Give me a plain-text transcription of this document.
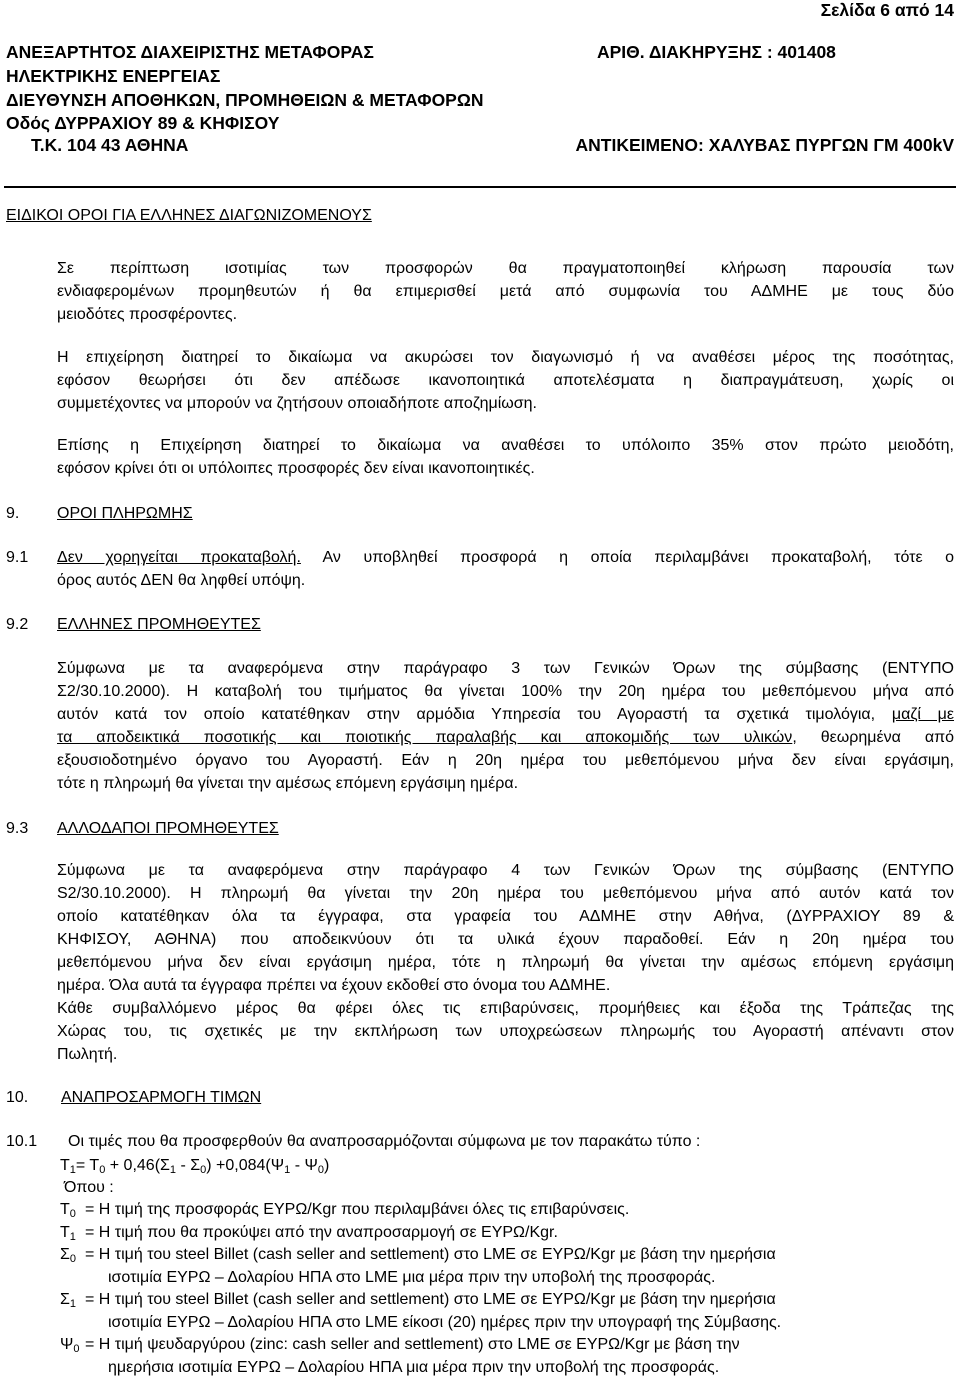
Σελίδα 6 από 14
ΑΝΕΞΑΡΤΗΤΟΣ ΔΙΑΧΕΙΡΙΣΤΗΣ ΜΕΤΑΦΟΡΑΣ	ΑΡΙΘ. ΔΙΑΚΗΡΥΞΗΣ : 401408
ΗΛΕΚΤΡΙΚΗΣ ΕΝΕΡΓΕΙΑΣ
ΔΙΕΥΘΥΝΣΗ ΑΠΟΘΗΚΩΝ, ΠΡΟΜΗΘΕΙΩΝ & ΜΕΤΑΦΟΡΩΝ
Οδός ΔΥΡΡΑΧΙΟΥ 89 & ΚΗΦΙΣΟΥ
Τ.Κ. 104 43 ΑΘΗΝΑ	ΑΝΤΙΚΕΙΜΕΝΟ: ΧΑΛΥΒΑΣ ΠΥΡΓΩΝ ΓΜ 400kV
ΕΙΔΙΚΟΙ ΟΡΟΙ ΓΙΑ ΕΛΛΗΝΕΣ ΔΙΑΓΩΝΙΖΟΜΕΝΟΥΣ
Σε περίπτωση ισοτιμίας των προσφορών θα πραγματοποιηθεί κλήρωση παρουσία των
ενδιαφερομένων προμηθευτών ή θα επιμερισθεί μετά από συμφωνία του ΑΔΜΗΕ με τους δύο
μειοδότες προσφέροντες.
Η επιχείρηση διατηρεί το δικαίωμα να ακυρώσει τον διαγωνισμό ή να αναθέσει μέρος της ποσότητας,
εφόσον θεωρήσει ότι δεν απέδωσε ικανοποιητικά αποτελέσματα η διαπραγμάτευση, χωρίς οι
συμμετέχοντες να μπορούν να ζητήσουν οποιαδήποτε αποζημίωση.
Επίσης η Επιχείρηση διατηρεί το δικαίωμα να αναθέσει το υπόλοιπο 35% στον πρώτο μειοδότη,
εφόσον κρίνει ότι οι υπόλοιπες προσφορές δεν είναι ικανοποιητικές.
9. ΟΡΟΙ ΠΛΗΡΩΜΗΣ
9.1 Δεν χορηγείται προκαταβολή. Αν υποβληθεί προσφορά η οποία περιλαμβάνει προκαταβολή, τότε ο
όρος αυτός ΔΕΝ θα ληφθεί υπόψη.
9.2 ΕΛΛΗΝΕΣ ΠΡΟΜΗΘΕΥΤΕΣ
Σύμφωνα με τα αναφερόμενα στην παράγραφο 3 των Γενικών Όρων της σύμβασης (ΕΝΤΥΠΟ
Σ2/30.10.2000). Η καταβολή του τιμήματος θα γίνεται 100% την 20η ημέρα του μεθεπόμενου μήνα από
αυτόν κατά τον οποίο κατατέθηκαν στην αρμόδια Υπηρεσία του Αγοραστή τα σχετικά τιμολόγια, μαζί με
τα αποδεικτικά ποσοτικής και ποιοτικής παραλαβής και αποκομιδής των υλικών, θεωρημένα από
εξουσιοδοτημένο όργανο του Αγοραστή. Εάν η 20η ημέρα του μεθεπόμενου μήνα δεν είναι εργάσιμη,
τότε η πληρωμή θα γίνεται την αμέσως επόμενη εργάσιμη ημέρα.
9.3 ΑΛΛΟΔΑΠΟΙ ΠΡΟΜΗΘΕΥΤΕΣ
Σύμφωνα με τα αναφερόμενα στην παράγραφο 4 των Γενικών Όρων της σύμβασης (ΕΝΤΥΠΟ
S2/30.10.2000). Η πληρωμή θα γίνεται την 20η ημέρα του μεθεπόμενου μήνα από αυτόν κατά τον
οποίο κατατέθηκαν όλα τα έγγραφα, στα γραφεία του ΑΔΜΗΕ στην Αθήνα, (ΔΥΡΡΑΧΙΟΥ 89 &
ΚΗΦΙΣΟΥ, ΑΘΗΝΑ) που αποδεικνύουν ότι τα υλικά έχουν παραδοθεί. Εάν η 20η ημέρα του
μεθεπόμενου μήνα δεν είναι εργάσιμη ημέρα, τότε η πληρωμή θα γίνεται την αμέσως επόμενη εργάσιμη
ημέρα. Όλα αυτά τα έγγραφα πρέπει να έχουν εκδοθεί στο όνομα του ΑΔΜΗΕ.
Κάθε συμβαλλόμενο μέρος θα φέρει όλες τις επιβαρύνσεις, προμήθειες και έξοδα της Τράπεζας της
Χώρας του, τις σχετικές με την εκπλήρωση των υποχρεώσεων πληρωμής του Αγοραστή απέναντι στον
Πωλητή.
10. ΑΝΑΠΡΟΣΑΡΜΟΓΗ ΤΙΜΩΝ
10.1 Οι τιμές που θα προσφερθούν θα αναπροσαρμόζονται σύμφωνα με τον παρακάτω τύπο :
$T_1= T_0 + 0,46(\Sigma_1 - \Sigma_0) +0,084(\Psi_1 - \Psi_0)$
Όπου :
$T_0 = H$ τιμή της προσφοράς ΕΥΡΩ/Kgr που περιλαμβάνει όλες τις επιβαρύνσεις.
$T_1 = H$ τιμή που θα προκύψει από την αναπροσαρμογή σε ΕΥΡΩ/Kgr.
$\Sigma_0 = H$ τιμή του steel Billet (cash seller and settlement) στο LME σε ΕΥΡΩ/Kgr με βάση την ημερήσια
ισοτιμία ΕΥΡΩ – Δολαρίου ΗΠΑ στο LME μια μέρα πριν την υποβολή της προσφοράς.
$\Sigma_1 = H$ τιμή του steel Billet (cash seller and settlement) στο LME σε ΕΥΡΩ/Kgr με βάση την ημερήσια
ισοτιμία ΕΥΡΩ – Δολαρίου ΗΠΑ στο LME είκοσι (20) ημέρες πριν την υπογραφή της Σύμβασης.
$\Psi_0 = H$ τιμή ψευδαργύρου (zinc: cash seller and settlement) στο LME σε ΕΥΡΩ/Kgr με βάση την
ημερήσια ισοτιμία ΕΥΡΩ – Δολαρίου ΗΠΑ μια μέρα πριν την υποβολή της προσφοράς.
